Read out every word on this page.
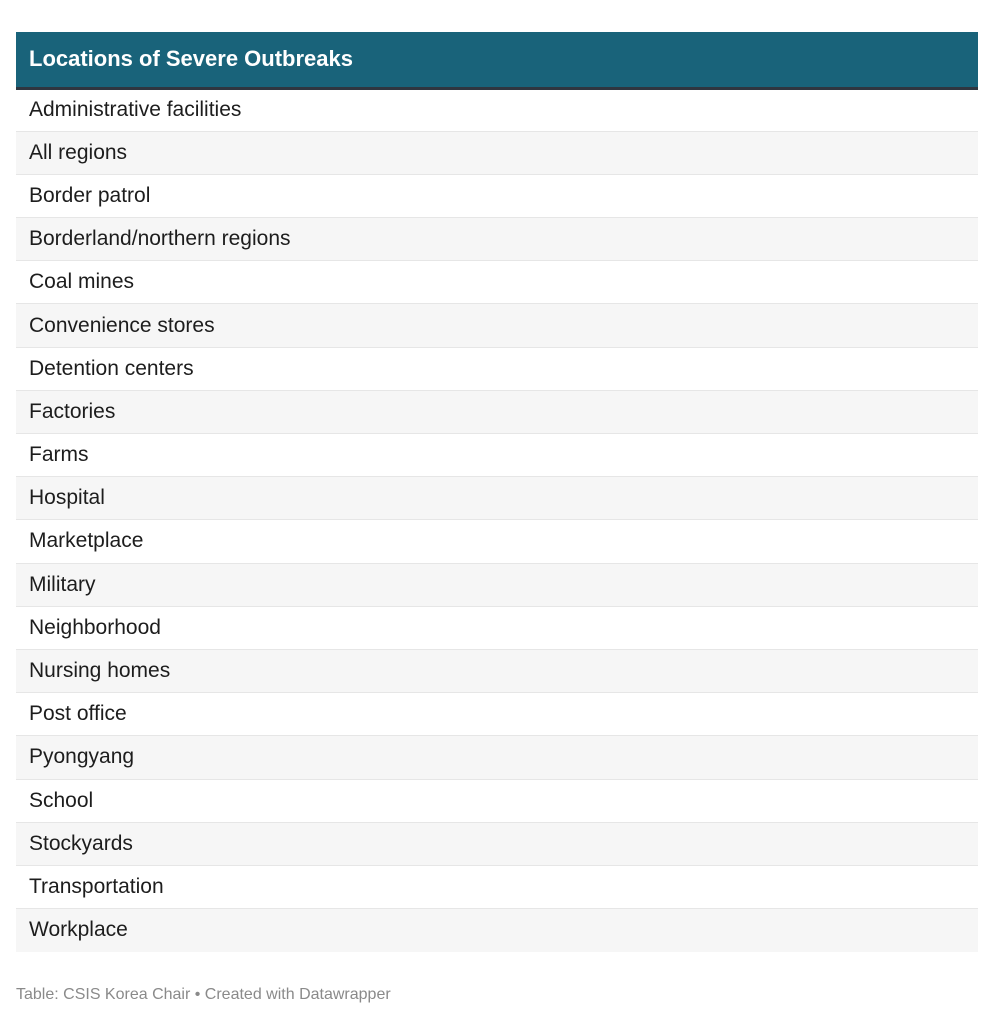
Locations of Severe Outbreaks
Administrative facilities
All regions
Border patrol
Borderland/northern regions
Coal mines
Convenience stores
Detention centers
Factories
Farms
Hospital
Marketplace
Military
Neighborhood
Nursing homes
Post office
Pyongyang
School
Stockyards
Transportation
Workplace
Table: CSIS Korea Chair • Created with Datawrapper
